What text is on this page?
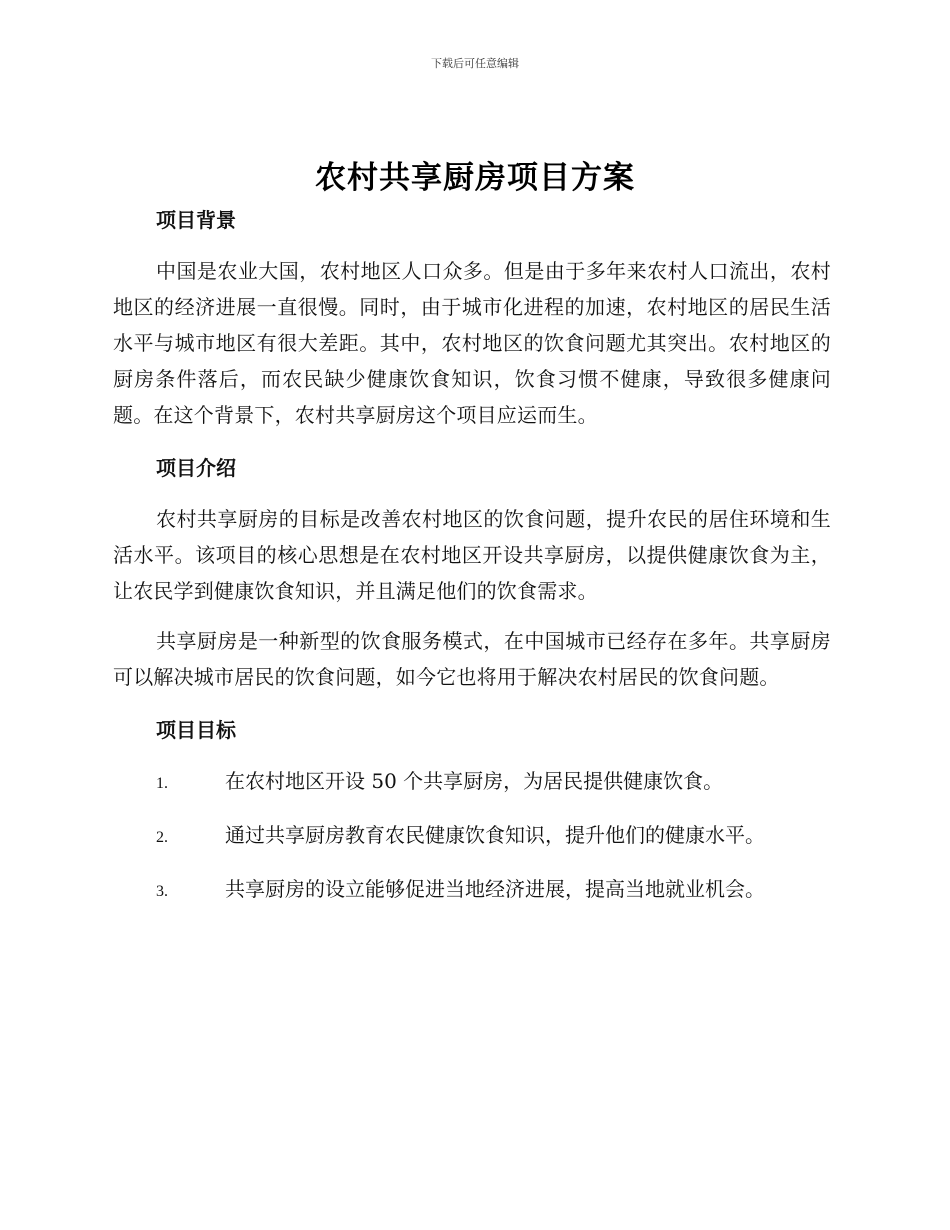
下载后可任意编辑
农村共享厨房项目方案
项目背景

中国是农业大国，农村地区人口众多。但是由于多年来农村人口流出，农村地区的经济进展一直很慢。同时，由于城市化进程的加速，农村地区的居民生活水平与城市地区有很大差距。其中，农村地区的饮食问题尤其突出。农村地区的厨房条件落后，而农民缺少健康饮食知识，饮食习惯不健康，导致很多健康问题。在这个背景下，农村共享厨房这个项目应运而生。

项目介绍

农村共享厨房的目标是改善农村地区的饮食问题，提升农民的居住环境和生活水平。该项目的核心思想是在农村地区开设共享厨房，以提供健康饮食为主，让农民学到健康饮食知识，并且满足他们的饮食需求。

共享厨房是一种新型的饮食服务模式，在中国城市已经存在多年。共享厨房可以解决城市居民的饮食问题，如今它也将用于解决农村居民的饮食问题。

项目目标
1.	在农村地区开设 50 个共享厨房，为居民提供健康饮食。
2.	通过共享厨房教育农民健康饮食知识，提升他们的健康水平。
3.	共享厨房的设立能够促进当地经济进展，提高当地就业机会。
